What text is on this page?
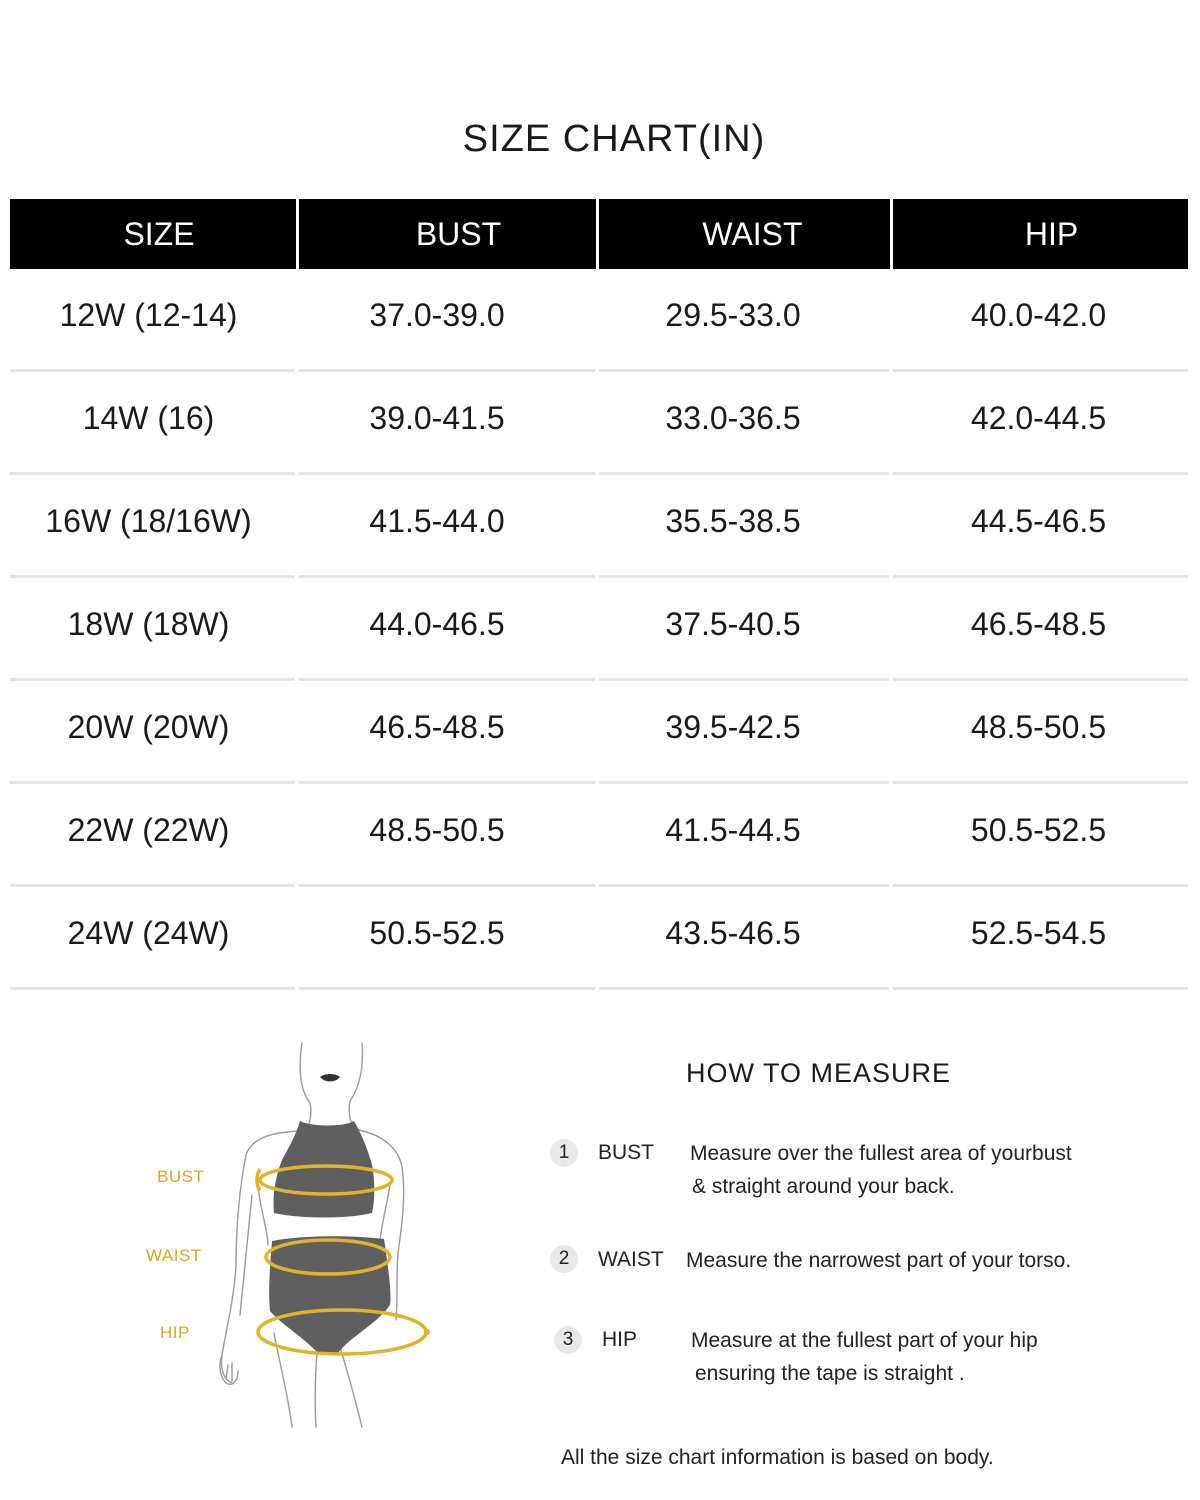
SIZE CHART(IN)
SIZE	BUST	WAIST	HIP
12W (12-14)	37.0-39.0	29.5-33.0	40.0-42.0
14W (16)	39.0-41.5	33.0-36.5	42.0-44.5
16W (18/16W)	41.5-44.0	35.5-38.5	44.5-46.5
18W (18W)	44.0-46.5	37.5-40.5	46.5-48.5
20W (20W)	46.5-48.5	39.5-42.5	48.5-50.5
22W (22W)	48.5-50.5	41.5-44.5	50.5-52.5
24W (24W)	50.5-52.5	43.5-46.5	52.5-54.5
BUST
WAIST
HIP
HOW TO MEASURE
1	BUST Measure over the fullest area of yourbust
& straight around your back.
2	WAIST Measure the narrowest part of your torso.
3	HIP	Measure at the fullest part of your hip
ensuring the tape is straight .
All the size chart information is based on body.
